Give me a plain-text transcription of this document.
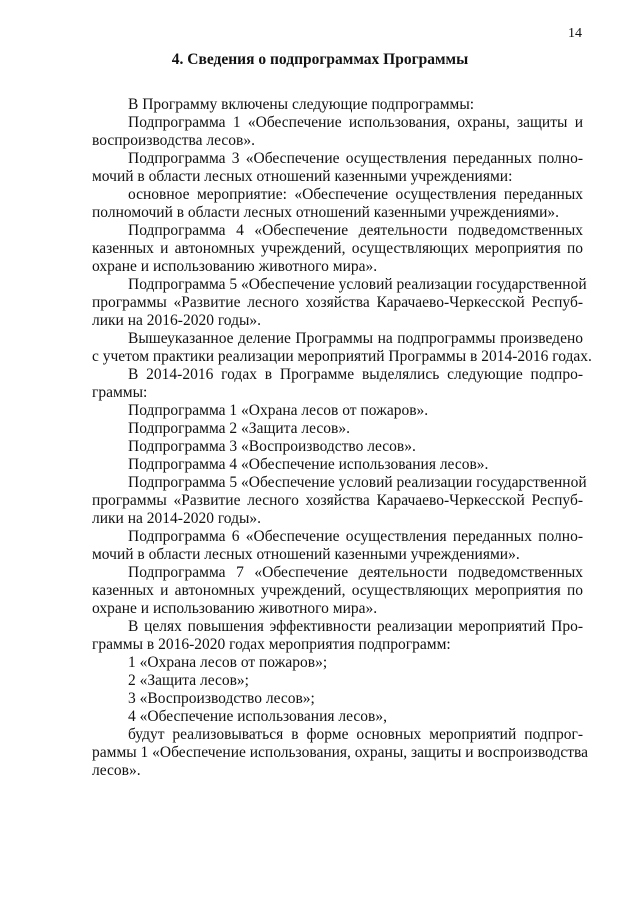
14
4. Сведения о подпрограммах Программы
В Программу включены следующие подпрограммы:
Подпрограмма 1 «Обеспечение использования, охраны, защиты и
воспроизводства лесов».
Подпрограмма 3 «Обеспечение осуществления переданных полно-
мочий в области лесных отношений казенными учреждениями:
основное мероприятие: «Обеспечение осуществления переданных
полномочий в области лесных отношений казенными учреждениями».
Подпрограмма 4 «Обеспечение деятельности подведомственных
казенных и автономных учреждений, осуществляющих мероприятия по
охране и использованию животного мира».
Подпрограмма 5 «Обеспечение условий реализации государственной
программы «Развитие лесного хозяйства Карачаево-Черкесской Респуб-
лики на 2016-2020 годы».
Вышеуказанное деление Программы на подпрограммы произведено
с учетом практики реализации мероприятий Программы в 2014-2016 годах.
В 2014-2016 годах в Программе выделялись следующие подпро-
граммы:
Подпрограмма 1 «Охрана лесов от пожаров».
Подпрограмма 2 «Защита лесов».
Подпрограмма 3 «Воспроизводство лесов».
Подпрограмма 4 «Обеспечение использования лесов».
Подпрограмма 5 «Обеспечение условий реализации государственной
программы «Развитие лесного хозяйства Карачаево-Черкесской Респуб-
лики на 2014-2020 годы».
Подпрограмма 6 «Обеспечение осуществления переданных полно-
мочий в области лесных отношений казенными учреждениями».
Подпрограмма 7 «Обеспечение деятельности подведомственных
казенных и автономных учреждений, осуществляющих мероприятия по
охране и использованию животного мира».
В целях повышения эффективности реализации мероприятий Про-
граммы в 2016-2020 годах мероприятия подпрограмм:
1 «Охрана лесов от пожаров»;
2 «Защита лесов»;
3 «Воспроизводство лесов»;
4 «Обеспечение использования лесов»,
будут реализовываться в форме основных мероприятий подпрог-
раммы 1 «Обеспечение использования, охраны, защиты и воспроизводства
лесов».
